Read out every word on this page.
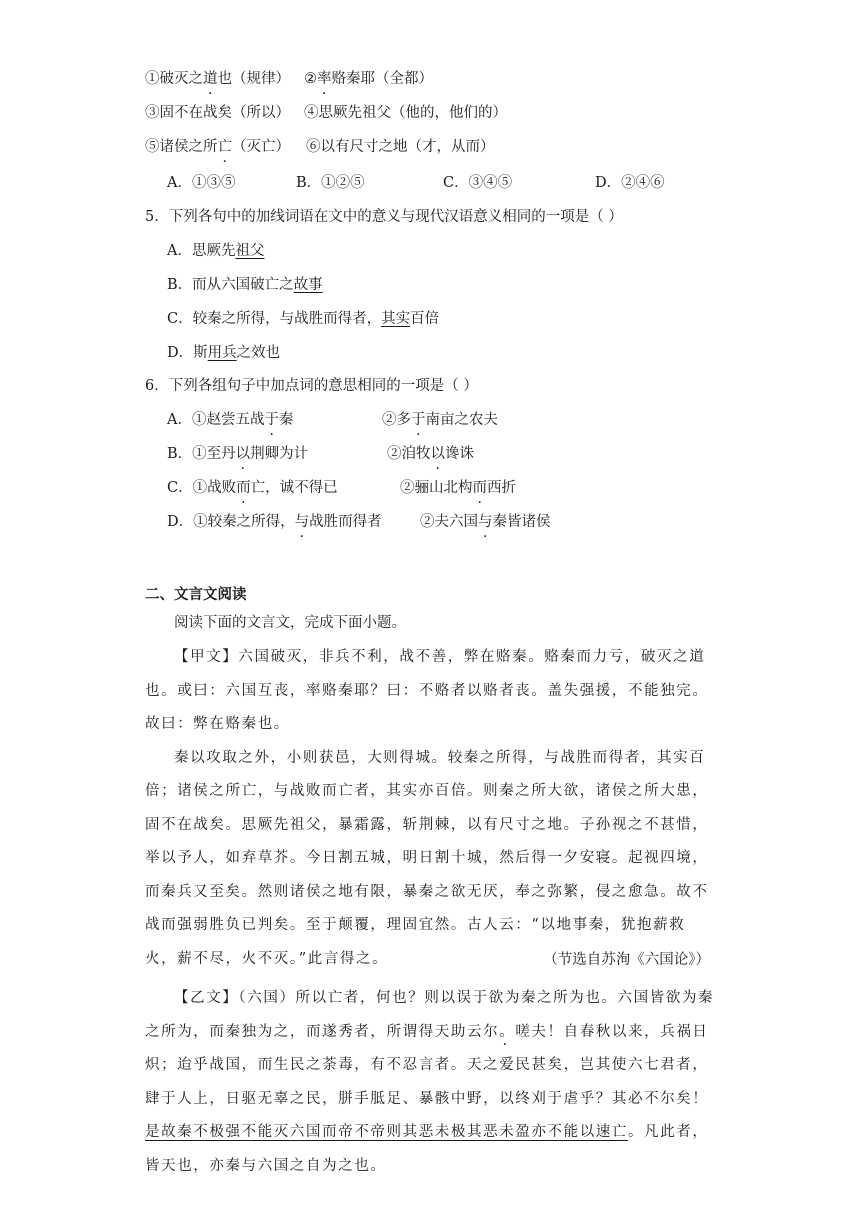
①破灭之道也（规律） ②率赂秦耶（全都）
③固不在战矣（所以） ④思厥先祖父（他的，他们的）
⑤诸侯之所亡（灭亡） ⑥以有尺寸之地（才，从而）
A．①③⑤	B．①②⑤	C．③④⑤	D．②④⑥
5．下列各句中的加线词语在文中的意义与现代汉语意义相同的一项是（ ）
A．思厥先祖父
B．而从六国破亡之故事
C．较秦之所得，与战胜而得者，其实百倍
D．斯用兵之效也
6．下列各组句子中加点词的意思相同的一项是（ ）
A．①赵尝五战于秦	②多于南亩之农夫
B．①至丹以荆卿为计	②洎牧以谗诛
C．①战败而亡，诚不得已	②骊山北构而西折
D．①较秦之所得，与战胜而得者	②夫六国与秦皆诸侯
二、文言文阅读
阅读下面的文言文，完成下面小题。

【甲文】六国破灭，非兵不利，战不善，弊在赂秦。赂秦而力亏，破灭之道也。或曰：六国互丧，率赂秦耶？曰：不赂者以赂者丧。盖失强援，不能独完。故曰：弊在赂秦也。

秦以攻取之外，小则获邑，大则得城。较秦之所得，与战胜而得者，其实百倍；诸侯之所亡，与战败而亡者，其实亦百倍。则秦之所大欲，诸侯之所大患，固不在战矣。思厥先祖父，暴霜露，斩荆棘，以有尺寸之地。子孙视之不甚惜，举以予人，如弃草芥。今日割五城，明日割十城，然后得一夕安寝。起视四境，而秦兵又至矣。然则诸侯之地有限，暴秦之欲无厌，奉之弥繁，侵之愈急。故不战而强弱胜负已判矣。至于颠覆，理固宜然。古人云：“以地事秦，犹抱薪救火，薪不尽，火不灭。”此言得之。	（节选自苏洵《六国论》）

【乙文】（六国）所以亡者，何也？则以误于欲为秦之所为也。六国皆欲为秦之所为，而秦独为之，而遂秀者，所谓得天助云尔。嗟夫！自春秋以来，兵祸日炽；迨乎战国，而生民之荼毒，有不忍言者。天之爱民甚矣，岂其使六七君者，肆于人上，日驱无辜之民，胼手胝足、暴骸中野，以终刈于虐乎？其必不尔矣！是故秦不极强不能灭六国而帝不帝则其恶未极其恶未盈亦不能以速亡。凡此者，皆天也，亦秦与六国之自为之也。
